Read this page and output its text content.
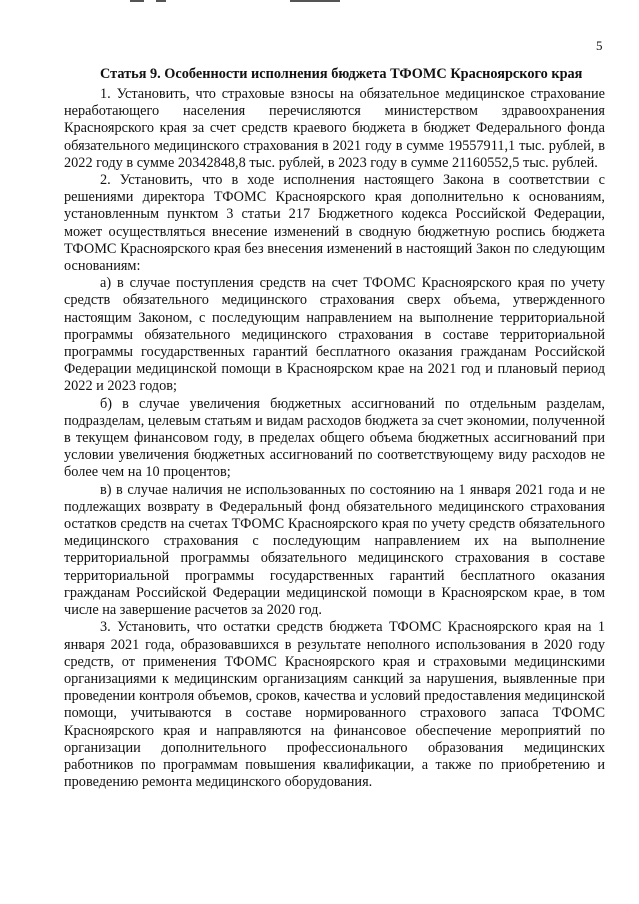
5

Статья 9. Особенности исполнения бюджета ТФОМС Красноярского края

1. Установить, что страховые взносы на обязательное медицинское страхование неработающего населения перечисляются министерством здравоохранения Красноярского края за счет средств краевого бюджета в бюджет Федерального фонда обязательного медицинского страхования в 2021 году в сумме 19557911,1 тыс. рублей, в 2022 году в сумме 20342848,8 тыс. рублей, в 2023 году в сумме 21160552,5 тыс. рублей.

2. Установить, что в ходе исполнения настоящего Закона в соответствии с решениями директора ТФОМС Красноярского края дополнительно к основаниям, установленным пунктом 3 статьи 217 Бюджетного кодекса Российской Федерации, может осуществляться внесение изменений в сводную бюджетную роспись бюджета ТФОМС Красноярского края без внесения изменений в настоящий Закон по следующим основаниям:

а) в случае поступления средств на счет ТФОМС Красноярского края по учету средств обязательного медицинского страхования сверх объема, утвержденного настоящим Законом, с последующим направлением на выполнение территориальной программы обязательного медицинского страхования в составе территориальной программы государственных гарантий бесплатного оказания гражданам Российской Федерации медицинской помощи в Красноярском крае на 2021 год и плановый период 2022 и 2023 годов;

б) в случае увеличения бюджетных ассигнований по отдельным разделам, подразделам, целевым статьям и видам расходов бюджета за счет экономии, полученной в текущем финансовом году, в пределах общего объема бюджетных ассигнований при условии увеличения бюджетных ассигнований по соответствующему виду расходов не более чем на 10 процентов;

в) в случае наличия не использованных по состоянию на 1 января 2021 года и не подлежащих возврату в Федеральный фонд обязательного медицинского страхования остатков средств на счетах ТФОМС Красноярского края по учету средств обязательного медицинского страхования с последующим направлением их на выполнение территориальной программы обязательного медицинского страхования в составе территориальной программы государственных гарантий бесплатного оказания гражданам Российской Федерации медицинской помощи в Красноярском крае, в том числе на завершение расчетов за 2020 год.

3. Установить, что остатки средств бюджета ТФОМС Красноярского края на 1 января 2021 года, образовавшихся в результате неполного использования в 2020 году средств, от применения ТФОМС Красноярского края и страховыми медицинскими организациями к медицинским организациям санкций за нарушения, выявленные при проведении контроля объемов, сроков, качества и условий предоставления медицинской помощи, учитываются в составе нормированного страхового запаса ТФОМС Красноярского края и направляются на финансовое обеспечение мероприятий по организации дополнительного профессионального образования медицинских работников по программам повышения квалификации, а также по приобретению и проведению ремонта медицинского оборудования.
